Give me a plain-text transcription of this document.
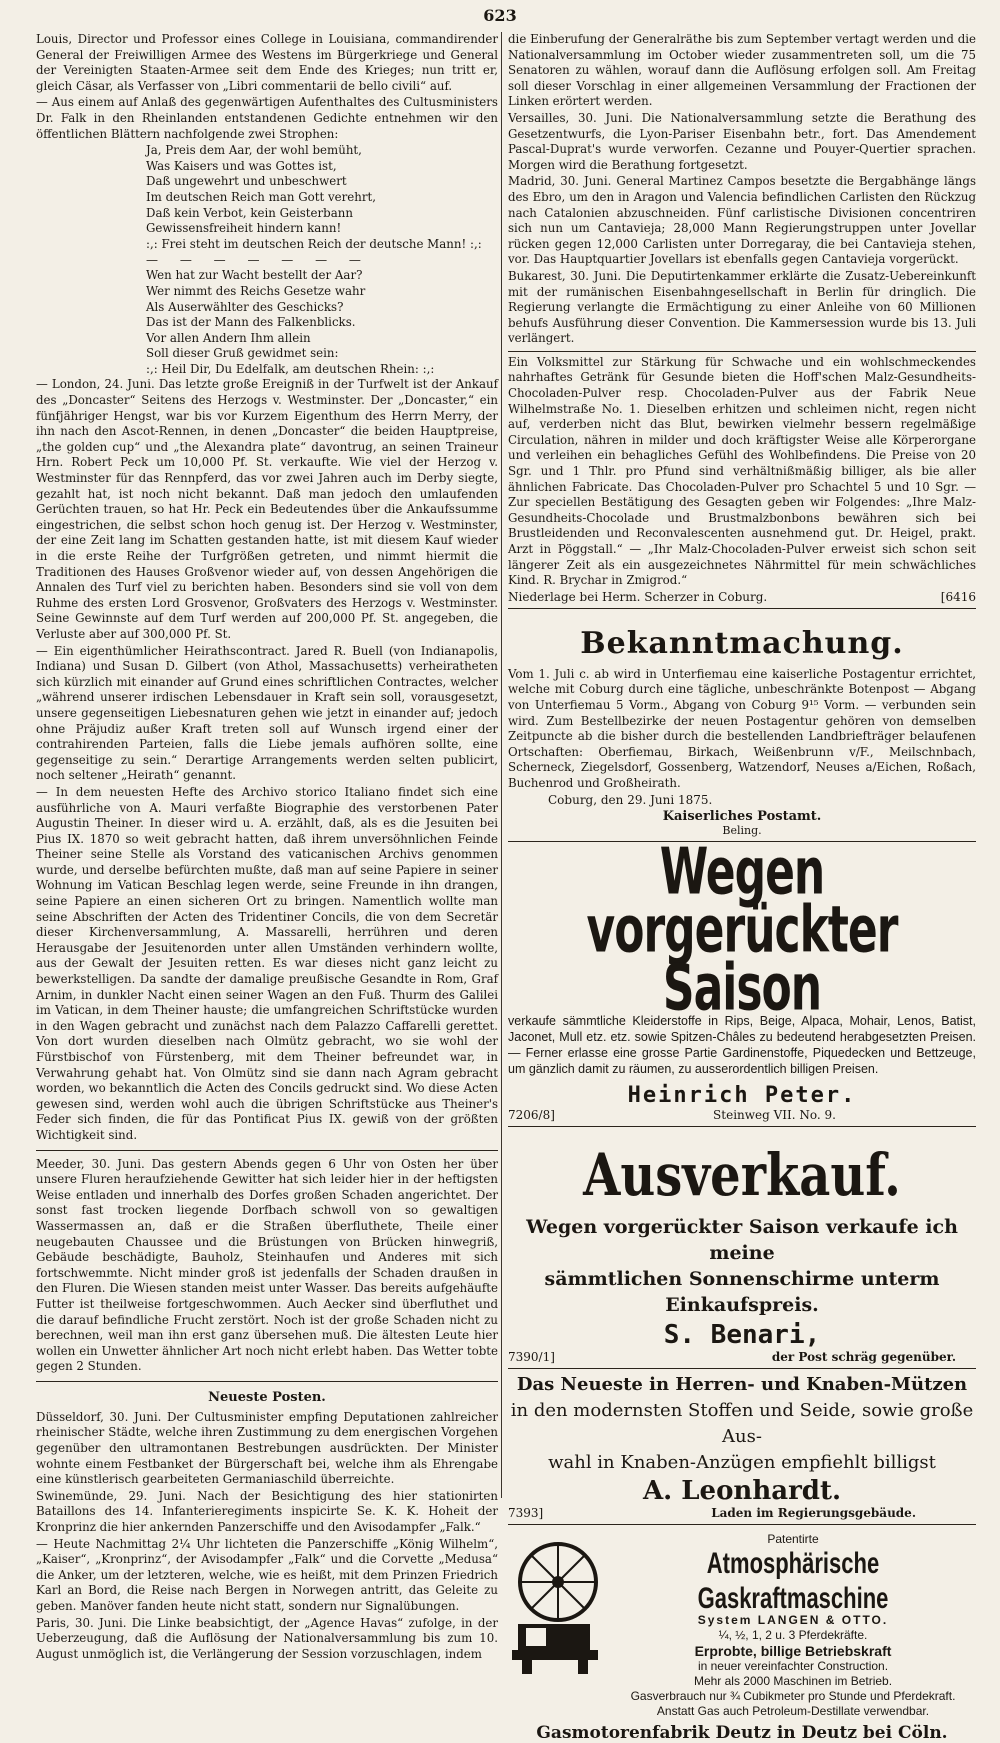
623

Louis, Director und Professor eines College in Louisiana, commandirender General der Freiwilligen Armee des Westens im Bürgerkriege und General der Vereinigten Staaten-Armee seit dem Ende des Krieges; nun tritt er, gleich Cäsar, als Verfasser von „Libri commentarii de bello civili“ auf.

— Aus einem auf Anlaß des gegenwärtigen Aufenthaltes des Cultusministers Dr. Falk in den Rheinlanden entstandenen Gedichte entnehmen wir den öffentlichen Blättern nachfolgende zwei Strophen:

Ja, Preis dem Aar, der wohl bemüht,
Was Kaisers und was Gottes ist,
Daß ungewehrt und unbeschwert
Im deutschen Reich man Gott verehrt,
Daß kein Verbot, kein Geisterbann
Gewissensfreiheit hindern kann!
:,: Frei steht im deutschen Reich der deutsche Mann! :,:

— — — — — — —

Wen hat zur Wacht bestellt der Aar?
Wer nimmt des Reichs Gesetze wahr
Als Auserwählter des Geschicks?
Das ist der Mann des Falkenblicks.
Vor allen Andern Ihm allein
Soll dieser Gruß gewidmet sein:
:,: Heil Dir, Du Edelfalk, am deutschen Rhein: :,:

— London, 24. Juni. Das letzte große Ereigniß in der Turfwelt ist der Ankauf des „Doncaster“ Seitens des Herzogs v. Westminster. Der „Doncaster,“ ein fünfjähriger Hengst, war bis vor Kurzem Eigenthum des Herrn Merry, der ihn nach den Ascot-Rennen, in denen „Doncaster“ die beiden Hauptpreise, „the golden cup“ und „the Alexandra plate“ davontrug, an seinen Traineur Hrn. Robert Peck um 10,000 Pf. St. verkaufte. Wie viel der Herzog v. Westminster für das Rennpferd, das vor zwei Jahren auch im Derby siegte, gezahlt hat, ist noch nicht bekannt. Daß man jedoch den umlaufenden Gerüchten trauen, so hat Hr. Peck ein Bedeutendes über die Ankaufssumme eingestrichen, die selbst schon hoch genug ist. Der Herzog v. Westminster, der eine Zeit lang im Schatten gestanden hatte, ist mit diesem Kauf wieder in die erste Reihe der Turfgrößen getreten, und nimmt hiermit die Traditionen des Hauses Großvenor wieder auf, von dessen Angehörigen die Annalen des Turf viel zu berichten haben. Besonders sind sie voll von dem Ruhme des ersten Lord Grosvenor, Großvaters des Herzogs v. Westminster. Seine Gewinnste auf dem Turf werden auf 200,000 Pf. St. angegeben, die Verluste aber auf 300,000 Pf. St.

— Ein eigenthümlicher Heirathscontract. Jared R. Buell (von Indianapolis, Indiana) und Susan D. Gilbert (von Athol, Massachusetts) verheiratheten sich kürzlich mit einander auf Grund eines schriftlichen Contractes, welcher „während unserer irdischen Lebensdauer in Kraft sein soll, vorausgesetzt, unsere gegenseitigen Liebesnaturen gehen wie jetzt in einander auf; jedoch ohne Präjudiz außer Kraft treten soll auf Wunsch irgend einer der contrahirenden Parteien, falls die Liebe jemals aufhören sollte, eine gegenseitige zu sein.“ Derartige Arrangements werden selten publicirt, noch seltener „Heirath“ genannt.

— In dem neuesten Hefte des Archivo storico Italiano findet sich eine ausführliche von A. Mauri verfaßte Biographie des verstorbenen Pater Augustin Theiner. In dieser wird u. A. erzählt, daß, als es die Jesuiten bei Pius IX. 1870 so weit gebracht hatten, daß ihrem unversöhnlichen Feinde Theiner seine Stelle als Vorstand des vaticanischen Archivs genommen wurde, und derselbe befürchten mußte, daß man auf seine Papiere in seiner Wohnung im Vatican Beschlag legen werde, seine Freunde in ihn drangen, seine Papiere an einen sicheren Ort zu bringen. Namentlich wollte man seine Abschriften der Acten des Tridentiner Concils, die von dem Secretär dieser Kirchenversammlung, A. Massarelli, herrühren und deren Herausgabe der Jesuitenorden unter allen Umständen verhindern wollte, aus der Gewalt der Jesuiten retten. Es war dieses nicht ganz leicht zu bewerkstelligen. Da sandte der damalige preußische Gesandte in Rom, Graf Arnim, in dunkler Nacht einen seiner Wagen an den Fuß. Thurm des Galilei im Vatican, in dem Theiner hauste; die umfangreichen Schriftstücke wurden in den Wagen gebracht und zunächst nach dem Palazzo Caffarelli gerettet. Von dort wurden dieselben nach Olmütz gebracht, wo sie wohl der Fürstbischof von Fürstenberg, mit dem Theiner befreundet war, in Verwahrung gehabt hat. Von Olmütz sind sie dann nach Agram gebracht worden, wo bekanntlich die Acten des Concils gedruckt sind. Wo diese Acten gewesen sind, werden wohl auch die übrigen Schriftstücke aus Theiner's Feder sich finden, die für das Pontificat Pius IX. gewiß von der größten Wichtigkeit sind.

Meeder, 30. Juni. Das gestern Abends gegen 6 Uhr von Osten her über unsere Fluren heraufziehende Gewitter hat sich leider hier in der heftigsten Weise entladen und innerhalb des Dorfes großen Schaden angerichtet. Der sonst fast trocken liegende Dorfbach schwoll von so gewaltigen Wassermassen an, daß er die Straßen überfluthete, Theile einer neugebauten Chaussee und die Brüstungen von Brücken hinwegriß, Gebäude beschädigte, Bauholz, Steinhaufen und Anderes mit sich fortschwemmte. Nicht minder groß ist jedenfalls der Schaden draußen in den Fluren. Die Wiesen standen meist unter Wasser. Das bereits aufgehäufte Futter ist theilweise fortgeschwommen. Auch Aecker sind überfluthet und die darauf befindliche Frucht zerstört. Noch ist der große Schaden nicht zu berechnen, weil man ihn erst ganz übersehen muß. Die ältesten Leute hier wollen ein Unwetter ähnlicher Art noch nicht erlebt haben. Das Wetter tobte gegen 2 Stunden.

Neueste Posten.

Düsseldorf, 30. Juni. Der Cultusminister empfing Deputationen zahlreicher rheinischer Städte, welche ihren Zustimmung zu dem energischen Vorgehen gegenüber den ultramontanen Bestrebungen ausdrückten. Der Minister wohnte einem Festbanket der Bürgerschaft bei, welche ihm als Ehrengabe eine künstlerisch gearbeiteten Germaniaschild überreichte.

Swinemünde, 29. Juni. Nach der Besichtigung des hier stationirten Bataillons des 14. Infanterieregiments inspicirte Se. K. K. Hoheit der Kronprinz die hier ankernden Panzerschiffe und den Avisodampfer „Falk.“

— Heute Nachmittag 2¼ Uhr lichteten die Panzerschiffe „König Wilhelm“, „Kaiser“, „Kronprinz“, der Avisodampfer „Falk“ und die Corvette „Medusa“ die Anker, um der letzteren, welche, wie es heißt, mit dem Prinzen Friedrich Karl an Bord, die Reise nach Bergen in Norwegen antritt, das Geleite zu geben. Manöver fanden heute nicht statt, sondern nur Signalübungen.

Paris, 30. Juni. Die Linke beabsichtigt, der „Agence Havas“ zufolge, in der Ueberzeugung, daß die Auflösung der Nationalversammlung bis zum 10. August unmöglich ist, die Verlängerung der Session vorzuschlagen, indem

die Einberufung der Generalräthe bis zum September vertagt werden und die Nationalversammlung im October wieder zusammentreten soll, um die 75 Senatoren zu wählen, worauf dann die Auflösung erfolgen soll. Am Freitag soll dieser Vorschlag in einer allgemeinen Versammlung der Fractionen der Linken erörtert werden.

Versailles, 30. Juni. Die Nationalversammlung setzte die Berathung des Gesetzentwurfs, die Lyon-Pariser Eisenbahn betr., fort. Das Amendement Pascal-Duprat's wurde verworfen. Cezanne und Pouyer-Quertier sprachen. Morgen wird die Berathung fortgesetzt.

Madrid, 30. Juni. General Martinez Campos besetzte die Bergabhänge längs des Ebro, um den in Aragon und Valencia befindlichen Carlisten den Rückzug nach Catalonien abzuschneiden. Fünf carlistische Divisionen concentriren sich nun um Cantavieja; 28,000 Mann Regierungstruppen unter Jovellar rücken gegen 12,000 Carlisten unter Dorregaray, die bei Cantavieja stehen, vor. Das Hauptquartier Jovellars ist ebenfalls gegen Cantavieja vorgerückt.

Bukarest, 30. Juni. Die Deputirtenkammer erklärte die Zusatz-Uebereinkunft mit der rumänischen Eisenbahngesellschaft in Berlin für dringlich. Die Regierung verlangte die Ermächtigung zu einer Anleihe von 60 Millionen behufs Ausführung dieser Convention. Die Kammersession wurde bis 13. Juli verlängert.

Ein Volksmittel zur Stärkung für Schwache und ein wohlschmeckendes nahrhaftes Getränk für Gesunde bieten die Hoff'schen Malz-Gesundheits-Chocoladen-Pulver resp. Chocoladen-Pulver aus der Fabrik Neue Wilhelmstraße No. 1. Dieselben erhitzen und schleimen nicht, regen nicht auf, verderben nicht das Blut, bewirken vielmehr bessern regelmäßige Circulation, nähren in milder und doch kräftigster Weise alle Körperorgane und verleihen ein behagliches Gefühl des Wohlbefindens. Die Preise von 20 Sgr. und 1 Thlr. pro Pfund sind verhältnißmäßig billiger, als bie aller ähnlichen Fabricate. Das Chocoladen-Pulver pro Schachtel 5 und 10 Sgr. — Zur speciellen Bestätigung des Gesagten geben wir Folgendes: „Ihre Malz-Gesundheits-Chocolade und Brustmalzbonbons bewähren sich bei Brustleidenden und Reconvalescenten ausnehmend gut. Dr. Heigel, prakt. Arzt in Pöggstall.“ — „Ihr Malz-Chocoladen-Pulver erweist sich schon seit längerer Zeit als ein ausgezeichnetes Nährmittel für mein schwächliches Kind. R. Brychar in Zmigrod.“

Niederlage bei Herm. Scherzer in Coburg.	[6416
Bekanntmachung.

Vom 1. Juli c. ab wird in Unterfiemau eine kaiserliche Postagentur errichtet, welche mit Coburg durch eine tägliche, unbeschränkte Botenpost — Abgang von Unterfiemau 5 Vorm., Abgang von Coburg 9¹⁵ Vorm. — verbunden sein wird. Zum Bestellbezirke der neuen Postagentur gehören von demselben Zeitpuncte ab die bisher durch die bestellenden Landbriefträger belaufenen Ortschaften: Oberfiemau, Birkach, Weißenbrunn v/F., Meilschnbach, Scherneck, Ziegelsdorf, Gossenberg, Watzendorf, Neuses a/Eichen, Roßach, Buchenrod und Großheirath.

Coburg, den 29. Juni 1875.
Kaiserliches Postamt.
Beling.
Wegen vorgerückter Saison

verkaufe sämmtliche Kleiderstoffe in Rips, Beige, Alpaca, Mohair, Lenos, Batist, Jaconet, Mull etz. etz. sowie Spitzen-Châles zu bedeutend herabgesetzten Preisen. — Ferner erlasse eine grosse Partie Gardinenstoffe, Piquedecken und Bettzeuge, um gänzlich damit zu räumen, zu ausserordentlich billigen Preisen.

Heinrich Peter.
7206/8]	Steinweg VII. No. 9.
Ausverkauf.
Wegen vorgerückter Saison verkaufe ich meine
sämmtlichen Sonnenschirme unterm Einkaufspreis.
S. Benari,
7390/1]	der Post schräg gegenüber.
Das Neueste in Herren- und Knaben-Mützen
in den modernsten Stoffen und Seide, sowie große Aus-
wahl in Knaben-Anzügen empfiehlt billigst
A. Leonhardt.
7393]	Laden im Regierungsgebäude.
Patentirte
Atmosphärische Gaskraftmaschine
System LANGEN & OTTO.
¼, ½, 1, 2 u. 3 Pferdekräfte.
Erprobte, billige Betriebskraft
in neuer vereinfachter Construction.
Mehr als 2000 Maschinen im Betrieb.
Gasverbrauch nur ¾ Cubikmeter pro Stunde und Pferdekraft.
Anstatt Gas auch Petroleum-Destillate verwendbar.
Gasmotorenfabrik Deutz in Deutz bei Cöln.
